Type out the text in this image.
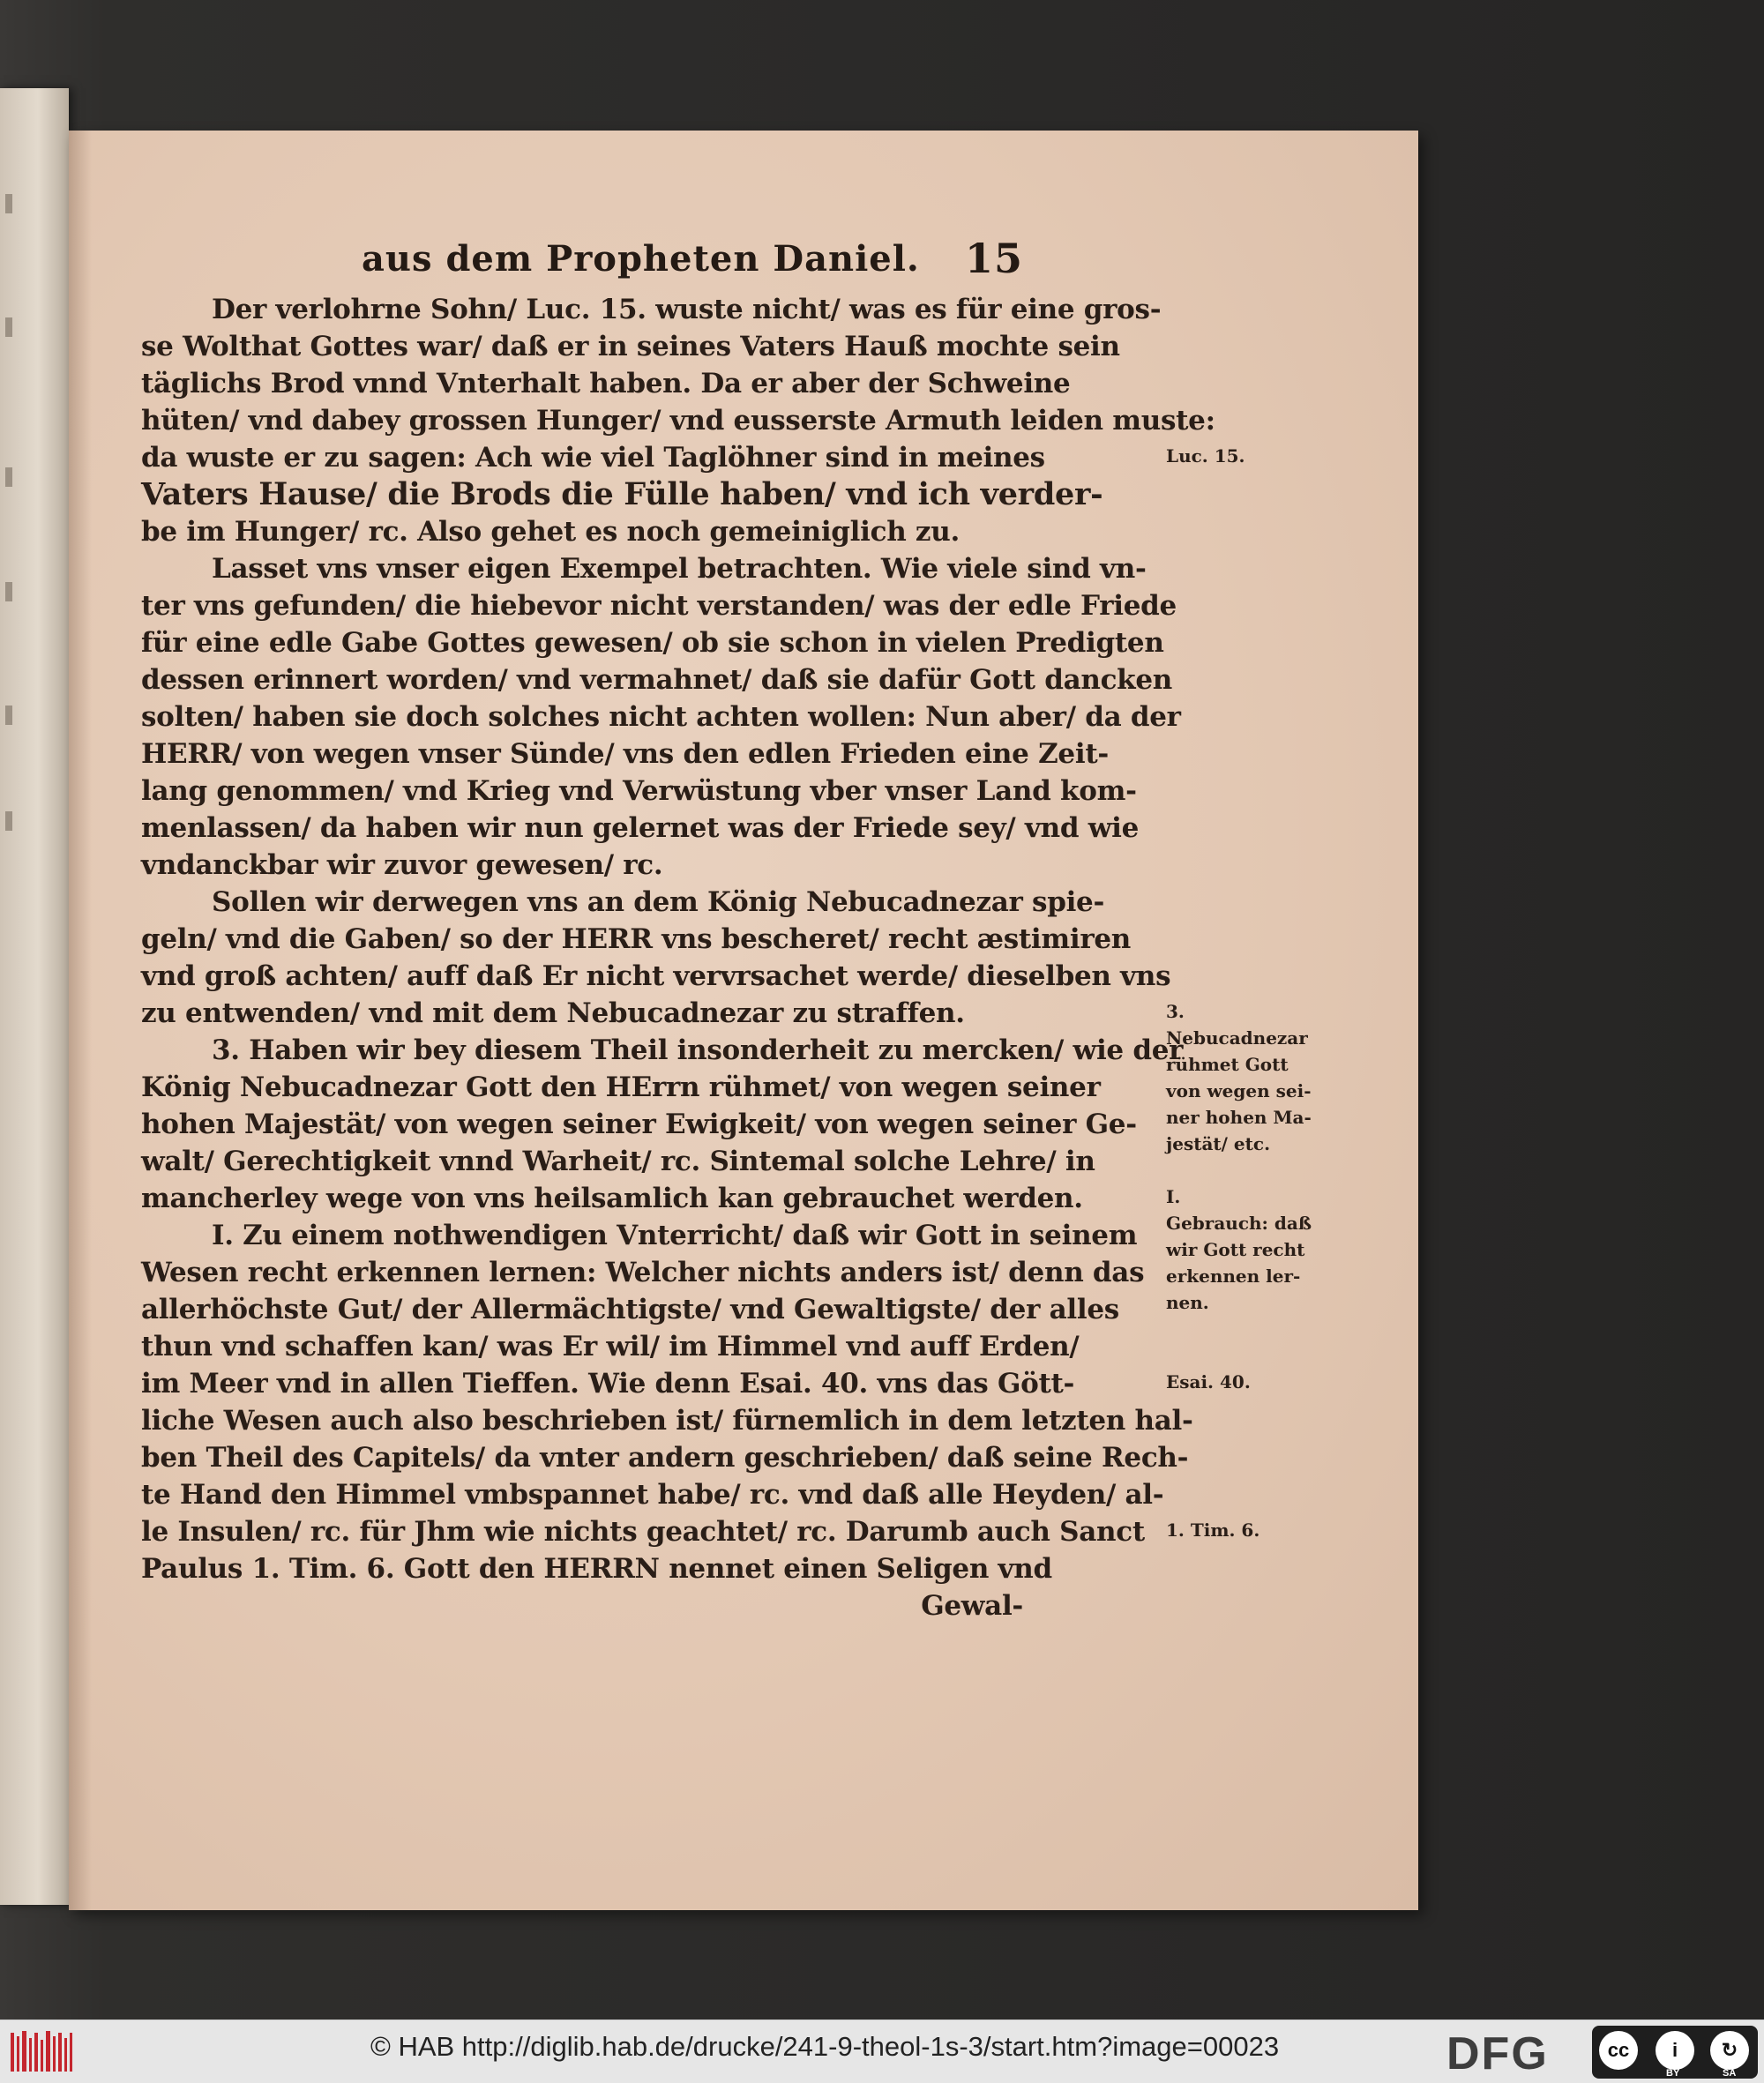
aus dem Propheten Daniel. 15
Der verlohrne Sohn/ Luc. 15. wuste nicht/ was es für eine gros-
se Wolthat Gottes war/ daß er in seines Vaters Hauß mochte sein
täglichs Brod vnnd Vnterhalt haben. Da er aber der Schweine
hüten/ vnd dabey grossen Hunger/ vnd eusserste Armuth leiden muste:
da wuste er zu sagen: Ach wie viel Taglöhner sind in meines
Vaters Hause/ die Brods die Fülle haben/ vnd ich verder-
be im Hunger/ rc. Also gehet es noch gemeiniglich zu.
Lasset vns vnser eigen Exempel betrachten. Wie viele sind vn-
ter vns gefunden/ die hiebevor nicht verstanden/ was der edle Friede
für eine edle Gabe Gottes gewesen/ ob sie schon in vielen Predigten
dessen erinnert worden/ vnd vermahnet/ daß sie dafür Gott dancken
solten/ haben sie doch solches nicht achten wollen: Nun aber/ da der
HERR/ von wegen vnser Sünde/ vns den edlen Frieden eine Zeit-
lang genommen/ vnd Krieg vnd Verwüstung vber vnser Land kom-
menlassen/ da haben wir nun gelernet was der Friede sey/ vnd wie
vndanckbar wir zuvor gewesen/ rc.
Sollen wir derwegen vns an dem König Nebucadnezar spie-
geln/ vnd die Gaben/ so der HERR vns bescheret/ recht æstimiren
vnd groß achten/ auff daß Er nicht vervrsachet werde/ dieselben vns
zu entwenden/ vnd mit dem Nebucadnezar zu straffen.
3. Haben wir bey diesem Theil insonderheit zu mercken/ wie der
König Nebucadnezar Gott den HErrn rühmet/ von wegen seiner
hohen Majestät/ von wegen seiner Ewigkeit/ von wegen seiner Ge-
walt/ Gerechtigkeit vnnd Warheit/ rc. Sintemal solche Lehre/ in
mancherley wege von vns heilsamlich kan gebrauchet werden.
I. Zu einem nothwendigen Vnterricht/ daß wir Gott in seinem
Wesen recht erkennen lernen: Welcher nichts anders ist/ denn das
allerhöchste Gut/ der Allermächtigste/ vnd Gewaltigste/ der alles
thun vnd schaffen kan/ was Er wil/ im Himmel vnd auff Erden/
im Meer vnd in allen Tieffen. Wie denn Esai. 40. vns das Gött-
liche Wesen auch also beschrieben ist/ fürnemlich in dem letzten hal-
ben Theil des Capitels/ da vnter andern geschrieben/ daß seine Rech-
te Hand den Himmel vmbspannet habe/ rc. vnd daß alle Heyden/ al-
le Insulen/ rc. für Jhm wie nichts geachtet/ rc. Darumb auch Sanct
Paulus 1. Tim. 6. Gott den HERRN nennet einen Seligen vnd
Gewal-
Luc. 15.
3.
Nebucadnezar
rühmet Gott
von wegen sei-
ner hohen Ma-
jestät/ etc.
I.
Gebrauch: daß
wir Gott recht
erkennen ler-
nen.
Esai. 40.
1. Tim. 6.
© HAB http://diglib.hab.de/drucke/241-9-theol-1s-3/start.htm?image=00023	DFG	cc	i	↻
BY	SA
